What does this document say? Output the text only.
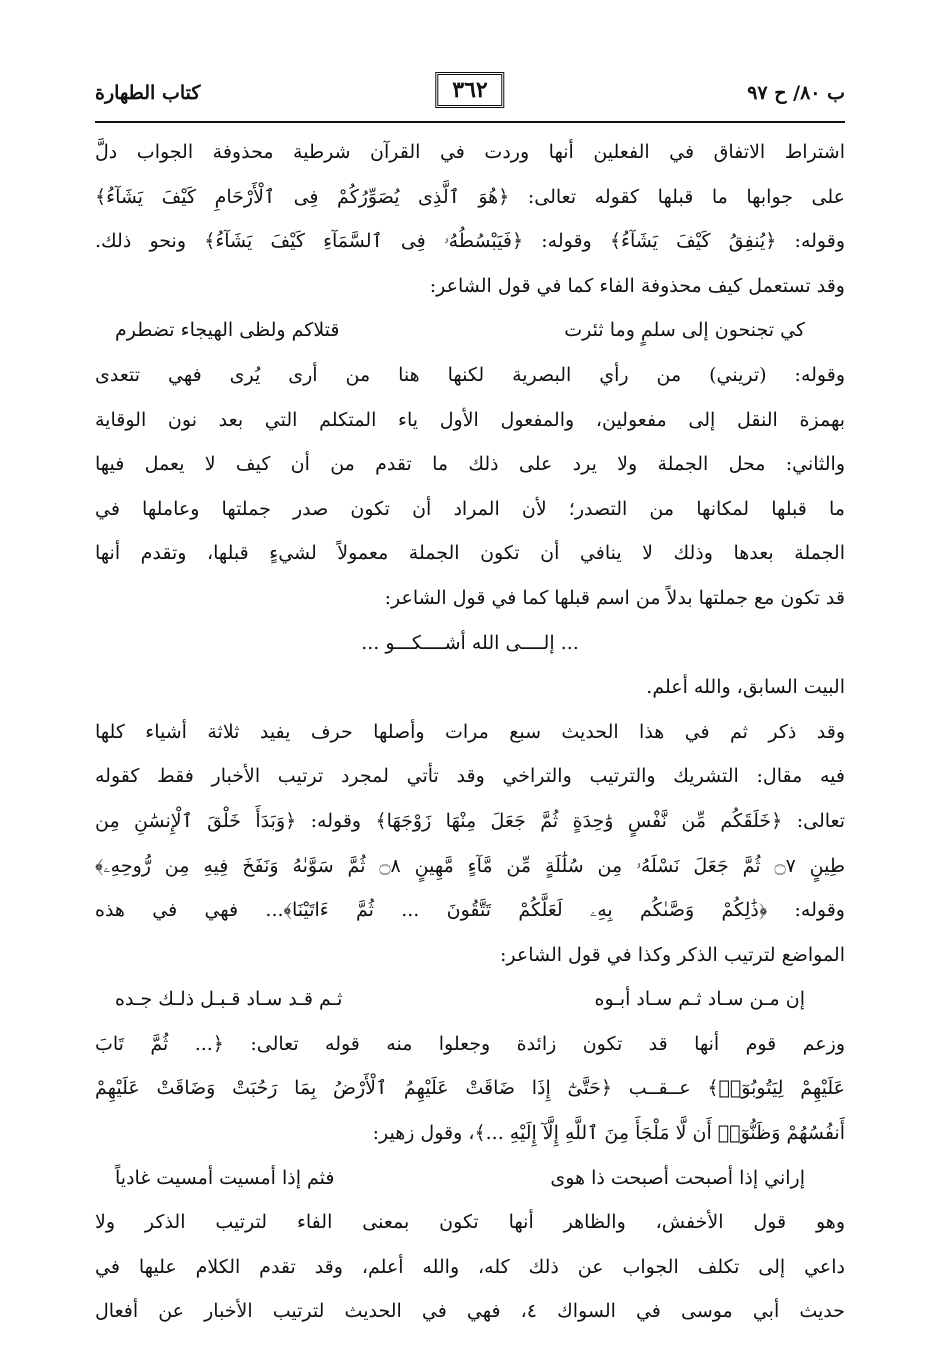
ب ٨٠/ ح ٩٧
٣٦٢
كتاب الطهارة
اشتراط الاتفاق في الفعلين أنها وردت في القرآن شرطية محذوفة الجواب دلَّ
على جوابها ما قبلها كقوله تعالى: ﴿هُوَ ٱلَّذِى يُصَوِّرُكُمْ فِى ٱلْأَرْحَامِ كَيْفَ يَشَآءُ﴾
وقوله: ﴿يُنفِقُ كَيْفَ يَشَآءُ﴾ وقوله: ﴿فَيَبْسُطُهُۥ فِى ٱلسَّمَآءِ كَيْفَ يَشَآءُ﴾ ونحو ذلك.
وقد تستعمل كيف محذوفة الفاء كما في قول الشاعر:
كي تجنحون إلى سلمٍ وما ثئرت
قتلاكم ولظى الهيجاء تضطرم
وقوله: (تريني) من رأي البصرية لكنها هنا من أرى يُرى فهي تتعدى
بهمزة النقل إلى مفعولين، والمفعول الأول ياء المتكلم التي بعد نون الوقاية
والثاني: محل الجملة ولا يرد على ذلك ما تقدم من أن كيف لا يعمل فيها
ما قبلها لمكانها من التصدر؛ لأن المراد أن تكون صدر جملتها وعاملها في
الجملة بعدها وذلك لا ينافي أن تكون الجملة معمولاً لشيءٍ قبلها، وتقدم أنها
قد تكون مع جملتها بدلاً من اسم قبلها كما في قول الشاعر:
... إلــــى الله أشــــكـــو ...
البيت السابق، والله أعلم.
وقد ذكر ثم في هذا الحديث سبع مرات وأصلها حرف يفيد ثلاثة أشياء كلها
فيه مقال: التشريك والترتيب والتراخي وقد تأتي لمجرد ترتيب الأخبار فقط كقوله
تعالى: ﴿خَلَقَكُم مِّن نَّفْسٍ وَٰحِدَةٍ ثُمَّ جَعَلَ مِنْهَا زَوْجَهَا﴾ وقوله: ﴿وَبَدَأَ خَلْقَ ٱلْإِنسَٰنِ مِن
طِينٍ ۝٧ ثُمَّ جَعَلَ نَسْلَهُۥ مِن سُلَٰلَةٍ مِّن مَّآءٍ مَّهِينٍ ۝٨ ثُمَّ سَوَّىٰهُ وَنَفَخَ فِيهِ مِن رُّوحِهِۦ﴾
وقوله: ﴿ذَٰلِكُمْ وَصَّىٰكُم بِهِۦ لَعَلَّكُمْ تَتَّقُونَ ... ثُمَّ ءَاتَيْنَا﴾... فهي في هذه
المواضع لترتيب الذكر وكذا في قول الشاعر:
إن مـن سـاد ثـم سـاد أبـوه
ثـم قـد سـاد قـبـل ذلـك جـده
وزعم قوم أنها قد تكون زائدة وجعلوا منه قوله تعالى: ﴿... ثُمَّ تَابَ
عَلَيْهِمْ لِيَتُوبُوٓا۟﴾ عــقــب ﴿حَتَّىٰٓ إِذَا ضَاقَتْ عَلَيْهِمُ ٱلْأَرْضُ بِمَا رَحُبَتْ وَضَاقَتْ عَلَيْهِمْ
أَنفُسُهُمْ وَظَنُّوٓا۟ أَن لَّا مَلْجَأَ مِنَ ٱللَّهِ إِلَّآ إِلَيْهِ ...﴾، وقول زهير:
إراني إذا أصبحت أصبحت ذا هوى
فثم إذا أمسيت أمسيت غادياً
وهو قول الأخفش، والظاهر أنها تكون بمعنى الفاء لترتيب الذكر ولا
داعي إلى تكلف الجواب عن ذلك كله، والله أعلم، وقد تقدم الكلام عليها في
حديث أبي موسى في السواك ٤، فهي في الحديث لترتيب الأخبار عن أفعال
